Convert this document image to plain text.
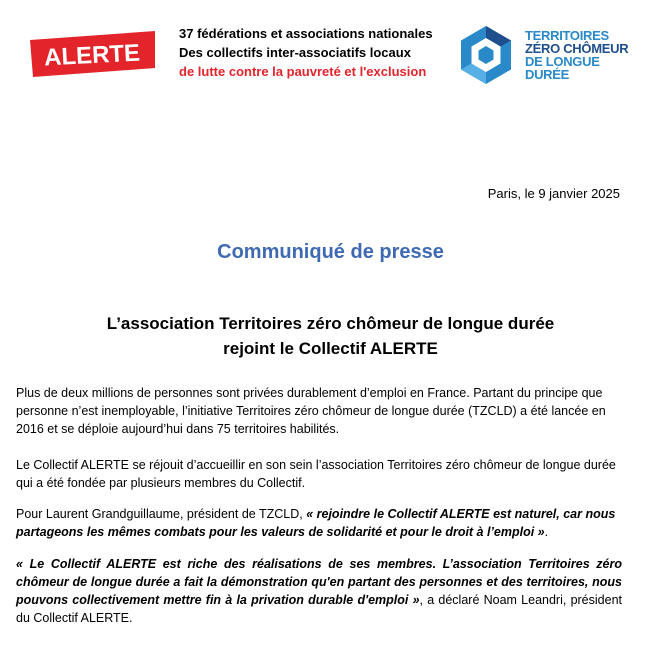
ALERTE
37 fédérations et associations nationales
Des collectifs inter-associatifs locaux
de lutte contre la pauvreté et l'exclusion
TERRITOIRES
ZÉRO CHÔMEUR
DE LONGUE
DURÉE
Paris, le 9 janvier 2025
Communiqué de presse
L’association Territoires zéro chômeur de longue durée
rejoint le Collectif ALERTE
Plus de deux millions de personnes sont privées durablement d’emploi en France. Partant du principe que personne n’est inemployable, l’initiative Territoires zéro chômeur de longue durée (TZCLD) a été lancée en 2016 et se déploie aujourd’hui dans 75 territoires habilités.
Le Collectif ALERTE se réjouit d’accueillir en son sein l’association Territoires zéro chômeur de longue durée qui a été fondée par plusieurs membres du Collectif.
Pour Laurent Grandguillaume, président de TZCLD, « rejoindre le Collectif ALERTE est naturel, car nous partageons les mêmes combats pour les valeurs de solidarité et pour le droit à l’emploi ».
« Le Collectif ALERTE est riche des réalisations de ses membres. L’association Territoires zéro chômeur de longue durée a fait la démonstration qu'en partant des personnes et des territoires, nous pouvons collectivement mettre fin à la privation durable d'emploi », a déclaré Noam Leandri, président du Collectif ALERTE.
